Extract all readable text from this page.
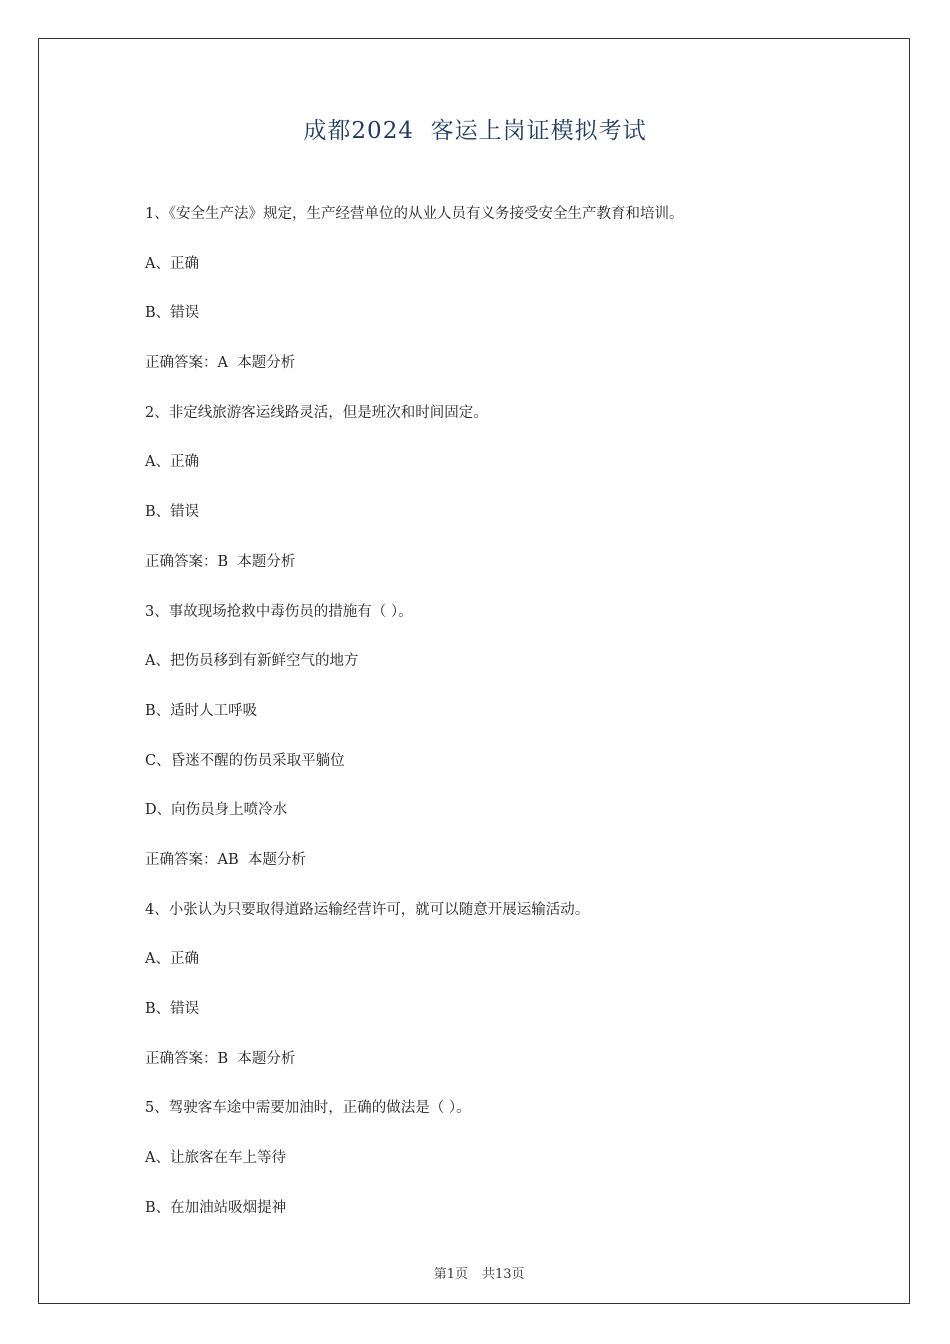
成都2024  客运上岗证模拟考试
1、《安全生产法》规定，生产经营单位的从业人员有义务接受安全生产教育和培训。
A、正确
B、错误
正确答案：A  本题分析
2、非定线旅游客运线路灵活，但是班次和时间固定。
A、正确
B、错误
正确答案：B  本题分析
3、事故现场抢救中毒伤员的措施有（ ）。
A、把伤员移到有新鲜空气的地方
B、适时人工呼吸
C、昏迷不醒的伤员采取平躺位
D、向伤员身上喷冷水
正确答案：AB  本题分析
4、小张认为只要取得道路运输经营许可，就可以随意开展运输活动。
A、正确
B、错误
正确答案：B  本题分析
5、驾驶客车途中需要加油时，正确的做法是（ ）。
A、让旅客在车上等待
B、在加油站吸烟提神

第1页 共13页
